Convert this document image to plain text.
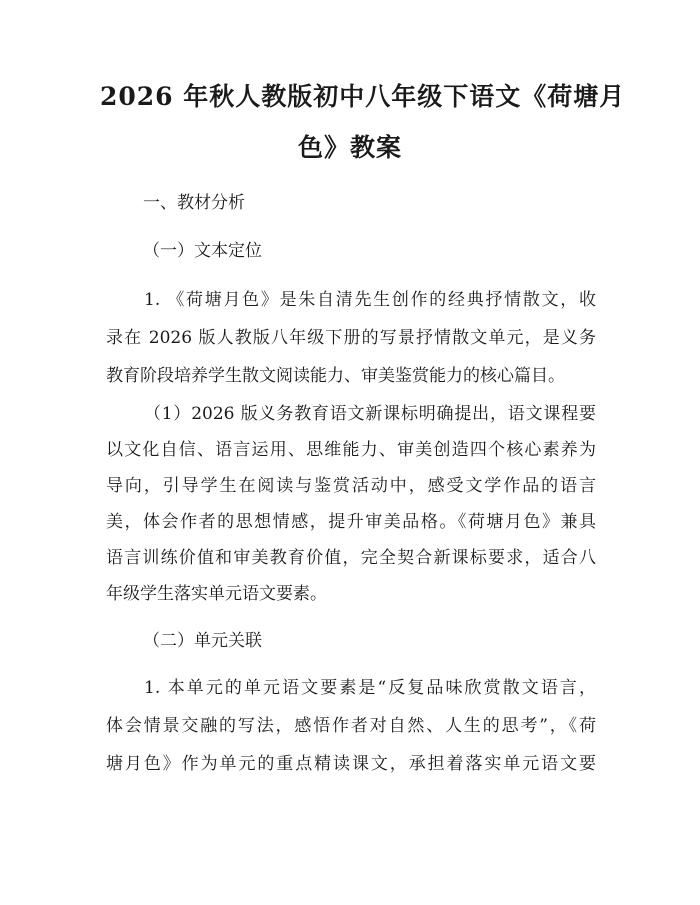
2026 年秋人教版初中八年级下语文《荷塘月
色》教案
一、教材分析
（一）文本定位
1. 《荷塘月色》是朱自清先生创作的经典抒情散文，收
录在 2026 版人教版八年级下册的写景抒情散文单元，是义务
教育阶段培养学生散文阅读能力、审美鉴赏能力的核心篇目。
（1）2026 版义务教育语文新课标明确提出，语文课程要
以文化自信、语言运用、思维能力、审美创造四个核心素养为
导向，引导学生在阅读与鉴赏活动中，感受文学作品的语言
美，体会作者的思想情感，提升审美品格。《荷塘月色》兼具
语言训练价值和审美教育价值，完全契合新课标要求，适合八
年级学生落实单元语文要素。
（二）单元关联
1. 本单元的单元语文要素是“反复品味欣赏散文语言，
体会情景交融的写法，感悟作者对自然、人生的思考”，《荷
塘月色》作为单元的重点精读课文，承担着落实单元语文要
